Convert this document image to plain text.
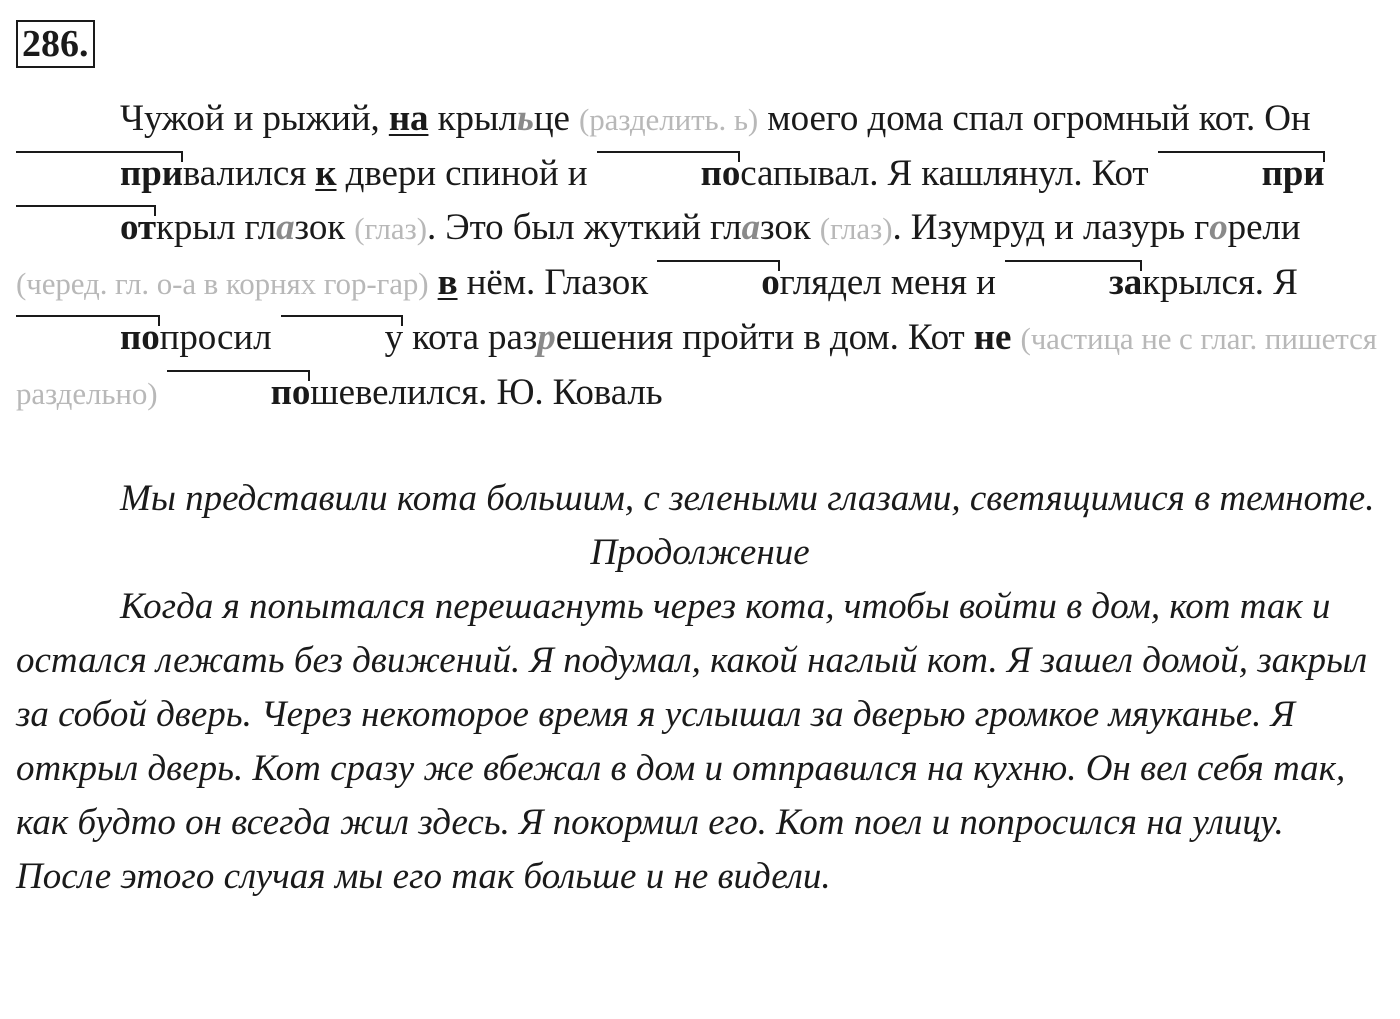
286.

Чужой и рыжий, на крыльце (разделить. ь) моего дома спал огромный кот. Он привалился к двери спиной и	посапывал. Я кашлянул. Кот	приоткрыл глазок (глаз). Это был жуткий глазок (глаз). Изумруд и лазурь горели (черед. гл. о-а в корнях гор-гар) в нём. Глазок	оглядел меня и	закрылся. Я попросил	у кота разрешения пройти в дом. Кот не (частица не с глаг. пишется раздельно)	пошевелился. Ю. Коваль

Мы представили кота большим, с зелеными глазами, светящимися в темноте.

Продолжение

Когда я попытался перешагнуть через кота, чтобы войти в дом, кот так и остался лежать без движений. Я подумал, какой наглый кот. Я зашел домой, закрыл за собой дверь. Через некоторое время я услышал за дверью громкое мяуканье. Я открыл дверь. Кот сразу же вбежал в дом и отправился на кухню. Он вел себя так, как будто он всегда жил здесь. Я покормил его. Кот поел и попросился на улицу. После этого случая мы его так больше и не видели.
